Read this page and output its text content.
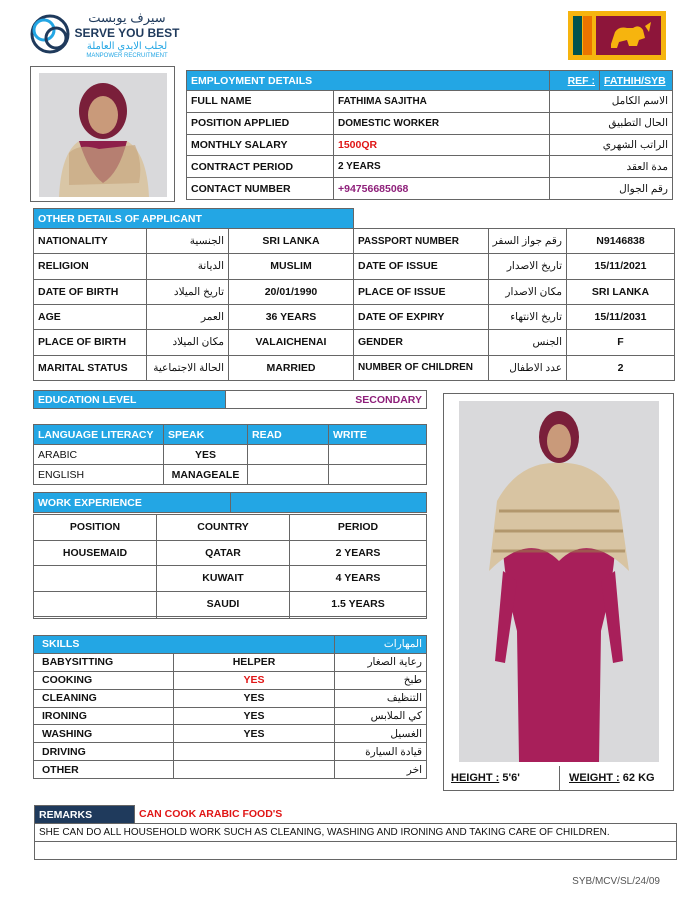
سيرف يوبست
SERVE YOU BEST
لجلب الايدي العاملة
MANPOWER RECRUITMENT
EMPLOYMENT DETAILS		REF :	FATHIH/SYB
FULL NAME	FATHIMA SAJITHA	الاسم الكامل	
POSITION APPLIED	DOMESTIC WORKER	الحال التطبيق	
MONTHLY SALARY	1500QR	الراتب الشهري	
CONTRACT PERIOD	2 YEARS	مدة العقد	
CONTACT NUMBER	+94756685068	رقم الجوال	
OTHER DETAILS OF APPLICANT					
NATIONALITY	الجنسية	SRI LANKA	PASSPORT NUMBER	رقم جواز السفر	N9146838
RELIGION	الديانة	MUSLIM	DATE OF ISSUE	تاريخ الاصدار	15/11/2021
DATE OF BIRTH	تاريخ الميلاد	20/01/1990	PLACE OF ISSUE	مكان الاصدار	SRI LANKA
AGE	العمر	36 YEARS	DATE OF EXPIRY	تاريخ الانتهاء	15/11/2031
PLACE OF BIRTH	مكان الميلاد	VALAICHENAI	GENDER	الجنس	F
MARITAL STATUS	الحالة الاجتماعية	MARRIED	NUMBER OF CHILDREN	عدد الاطفال	2
EDUCATION LEVEL	SECONDARY
LANGUAGE LITERACY	SPEAK	READ	WRITE
ARABIC	YES		
ENGLISH	MANAGEALE		
WORK EXPERIENCE	
POSITION	COUNTRY	PERIOD
HOUSEMAID	QATAR	2 YEARS
	KUWAIT	4 YEARS
	SAUDI	1.5 YEARS

SKILLS		المهارات
BABYSITTING	HELPER	رعاية الصغار
COOKING	YES	طبخ
CLEANING	YES	التنظيف
IRONING	YES	كي الملابس
WASHING	YES	الغسيل
DRIVING		قيادة السيارة
OTHER		اخر
HEIGHT : 5'6'	WEIGHT : 62 KG
REMARKS	CAN COOK ARABIC FOOD'S
SHE CAN DO ALL HOUSEHOLD WORK SUCH AS CLEANING, WASHING AND IRONING AND TAKING CARE OF CHILDREN.

SYB/MCV/SL/24/09
